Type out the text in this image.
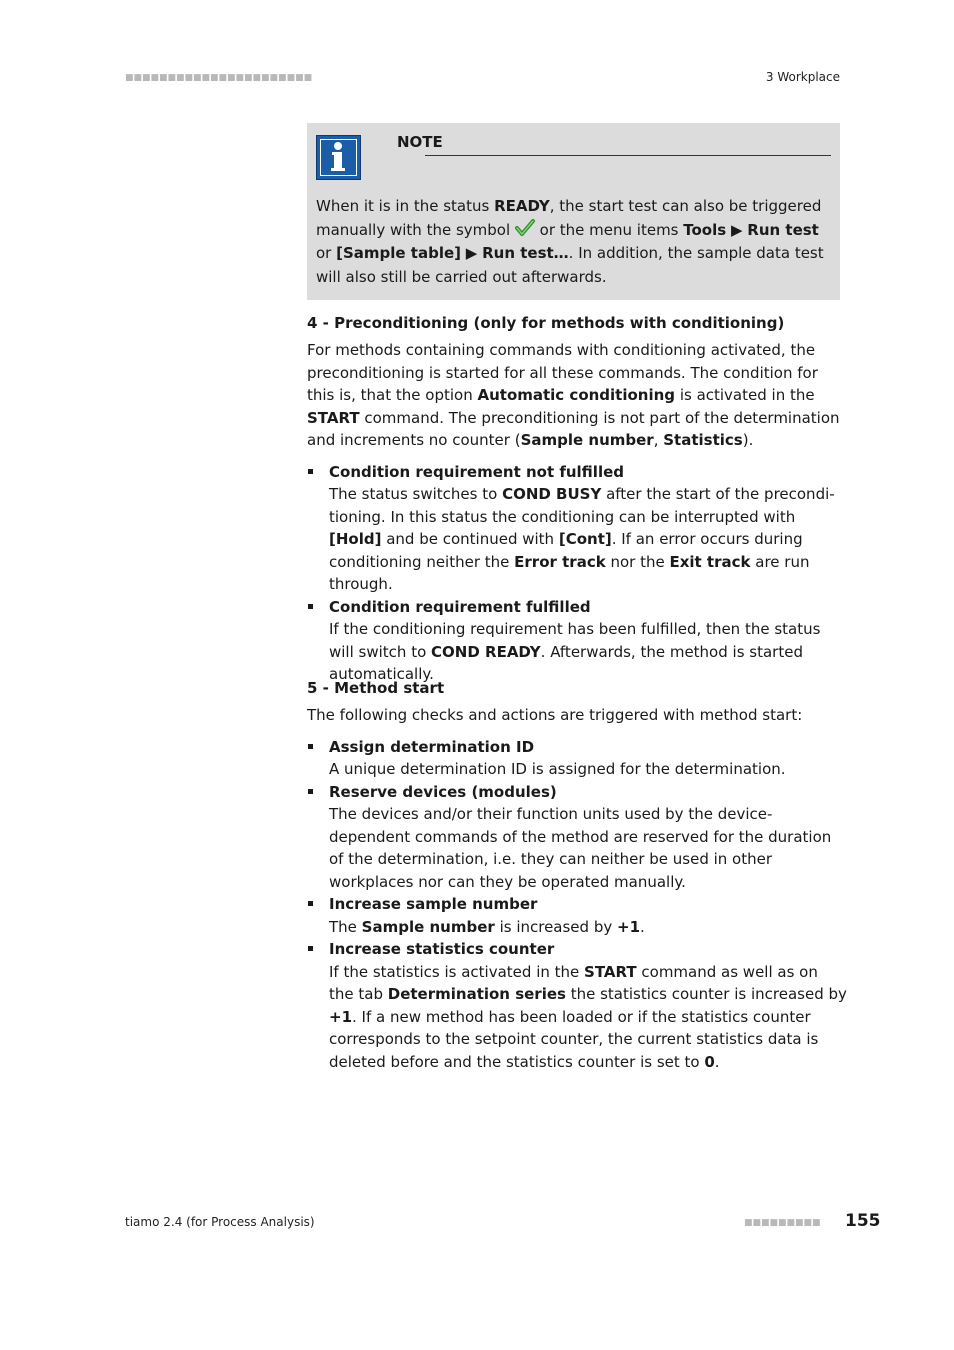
■■■■■■■■■■■■■■■■■■■■■■	3 Workplace
NOTE
When it is in the status READY, the start test can also be triggered manually with the symbol  or the menu items Tools ▶ Run test or [Sample table] ▶ Run test…. In addition, the sample data test will also still be carried out afterwards.
4 - Preconditioning (only for methods with conditioning)

For methods containing commands with conditioning activated, the preconditioning is started for all these commands. The condition for this is, that the option Automatic conditioning is activated in the START command. The preconditioning is not part of the determination and increments no counter (Sample number, Statistics).

Condition requirement not fulfilled
The status switches to COND BUSY after the start of the preconditioning. In this status the conditioning can be interrupted with [Hold] and be continued with [Cont]. If an error occurs during conditioning neither the Error track nor the Exit track are run through.
Condition requirement fulfilled
If the conditioning requirement has been fulfilled, then the status will switch to COND READY. Afterwards, the method is started automatically.
5 - Method start

The following checks and actions are triggered with method start:

Assign determination ID
A unique determination ID is assigned for the determination.
Reserve devices (modules)
The devices and/or their function units used by the device-dependent commands of the method are reserved for the duration of the determination, i.e. they can neither be used in other workplaces nor can they be operated manually.
Increase sample number
The Sample number is increased by +1.
Increase statistics counter
If the statistics is activated in the START command as well as on the tab Determination series the statistics counter is increased by +1. If a new method has been loaded or if the statistics counter corresponds to the setpoint counter, the current statistics data is deleted before and the statistics counter is set to 0.
tiamo 2.4 (for Process Analysis)	■■■■■■■■■ 155
